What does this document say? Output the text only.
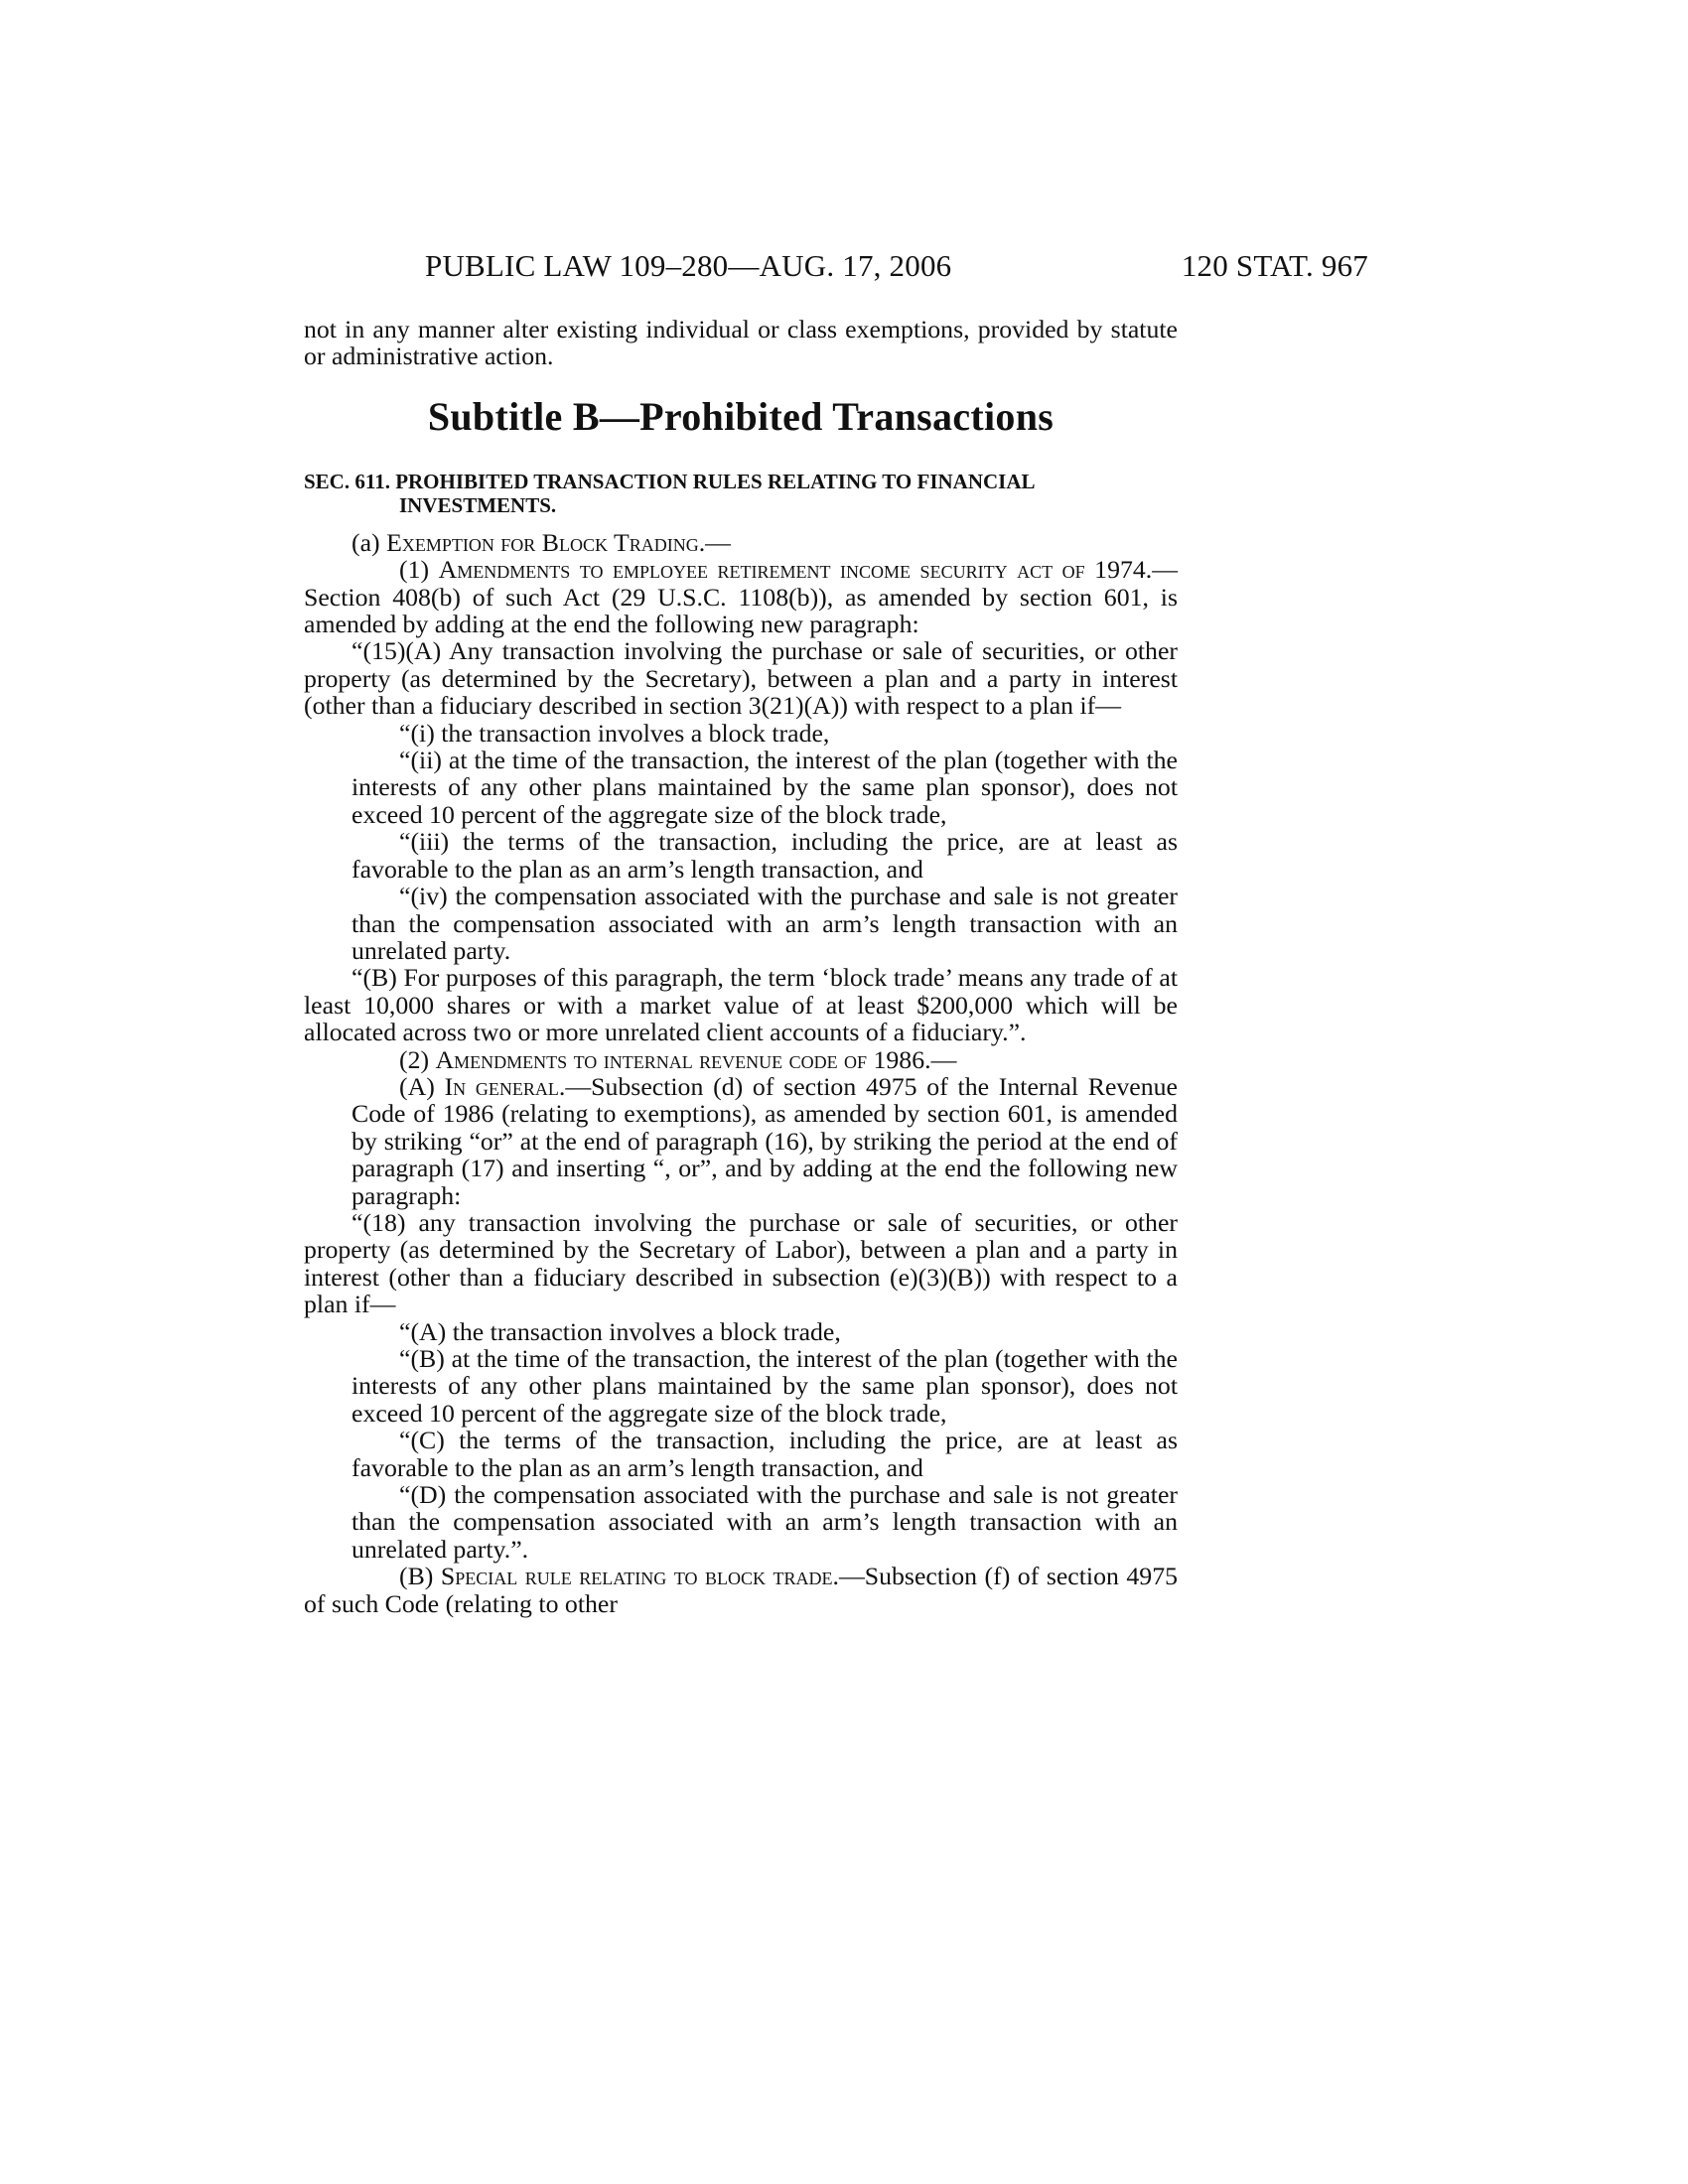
PUBLIC LAW 109–280—AUG. 17, 2006	120 STAT. 967

not in any manner alter existing individual or class exemptions, provided by statute or administrative action.

Subtitle B—Prohibited Transactions
SEC. 611. PROHIBITED TRANSACTION RULES RELATING TO FINANCIAL INVESTMENTS.

(a) Exemption for Block Trading.—

(1) Amendments to employee retirement income security act of 1974.—Section 408(b) of such Act (29 U.S.C. 1108(b)), as amended by section 601, is amended by adding at the end the following new paragraph:

“(15)(A) Any transaction involving the purchase or sale of securities, or other property (as determined by the Secretary), between a plan and a party in interest (other than a fiduciary described in section 3(21)(A)) with respect to a plan if—

“(i) the transaction involves a block trade,

“(ii) at the time of the transaction, the interest of the plan (together with the interests of any other plans maintained by the same plan sponsor), does not exceed 10 percent of the aggregate size of the block trade,

“(iii) the terms of the transaction, including the price, are at least as favorable to the plan as an arm’s length transaction, and

“(iv) the compensation associated with the purchase and sale is not greater than the compensation associated with an arm’s length transaction with an unrelated party.

“(B) For purposes of this paragraph, the term ‘block trade’ means any trade of at least 10,000 shares or with a market value of at least $200,000 which will be allocated across two or more unrelated client accounts of a fiduciary.”.

(2) Amendments to internal revenue code of 1986.—

(A) In general.—Subsection (d) of section 4975 of the Internal Revenue Code of 1986 (relating to exemptions), as amended by section 601, is amended by striking “or” at the end of paragraph (16), by striking the period at the end of paragraph (17) and inserting “, or”, and by adding at the end the following new paragraph:

“(18) any transaction involving the purchase or sale of securities, or other property (as determined by the Secretary of Labor), between a plan and a party in interest (other than a fiduciary described in subsection (e)(3)(B)) with respect to a plan if—

“(A) the transaction involves a block trade,

“(B) at the time of the transaction, the interest of the plan (together with the interests of any other plans maintained by the same plan sponsor), does not exceed 10 percent of the aggregate size of the block trade,

“(C) the terms of the transaction, including the price, are at least as favorable to the plan as an arm’s length transaction, and

“(D) the compensation associated with the purchase and sale is not greater than the compensation associated with an arm’s length transaction with an unrelated party.”.

(B) Special rule relating to block trade.—Subsection (f) of section 4975 of such Code (relating to other
